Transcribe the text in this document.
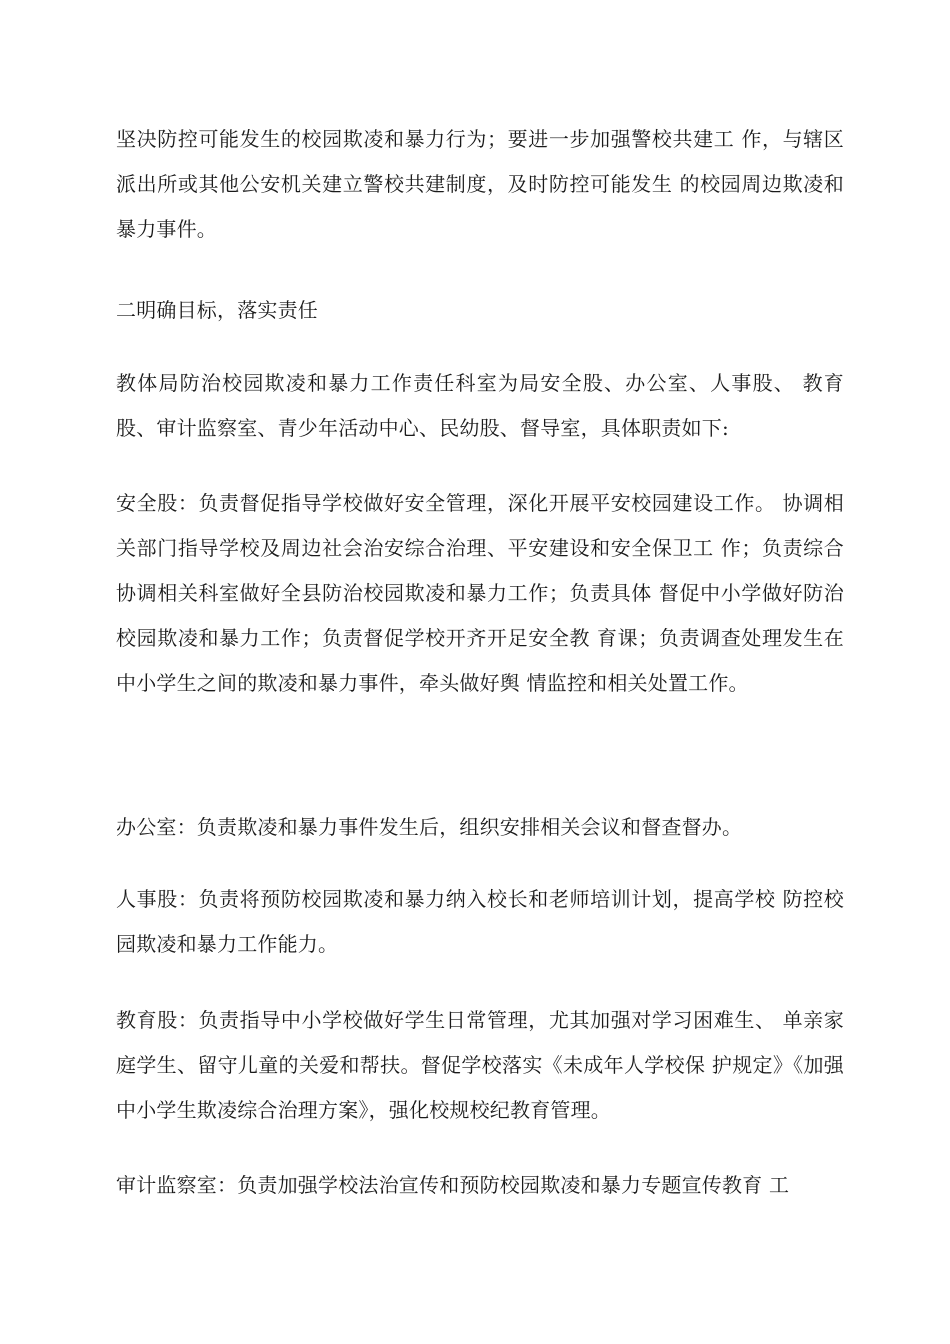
坚决防控可能发生的校园欺凌和暴力行为；要进一步加强警校共建工 作，与辖区派出所或其他公安机关建立警校共建制度，及时防控可能发生 的校园周边欺凌和暴力事件。

二明确目标，落实责任

教体局防治校园欺凌和暴力工作责任科室为局安全股、办公室、人事股、 教育股、审计监察室、青少年活动中心、民幼股、督导室，具体职责如下:

安全股：负责督促指导学校做好安全管理，深化开展平安校园建设工作。 协调相关部门指导学校及周边社会治安综合治理、平安建设和安全保卫工 作；负责综合协调相关科室做好全县防治校园欺凌和暴力工作；负责具体 督促中小学做好防治校园欺凌和暴力工作；负责督促学校开齐开足安全教 育课；负责调查处理发生在中小学生之间的欺凌和暴力事件，牵头做好舆 情监控和相关处置工作。

办公室：负责欺凌和暴力事件发生后，组织安排相关会议和督查督办。

人事股：负责将预防校园欺凌和暴力纳入校长和老师培训计划，提高学校 防控校园欺凌和暴力工作能力。

教育股：负责指导中小学校做好学生日常管理，尤其加强对学习困难生、 单亲家庭学生、留守儿童的关爱和帮扶。督促学校落实《未成年人学校保 护规定》《加强中小学生欺凌综合治理方案》，强化校规校纪教育管理。

审计监察室：负责加强学校法治宣传和预防校园欺凌和暴力专题宣传教育 工
